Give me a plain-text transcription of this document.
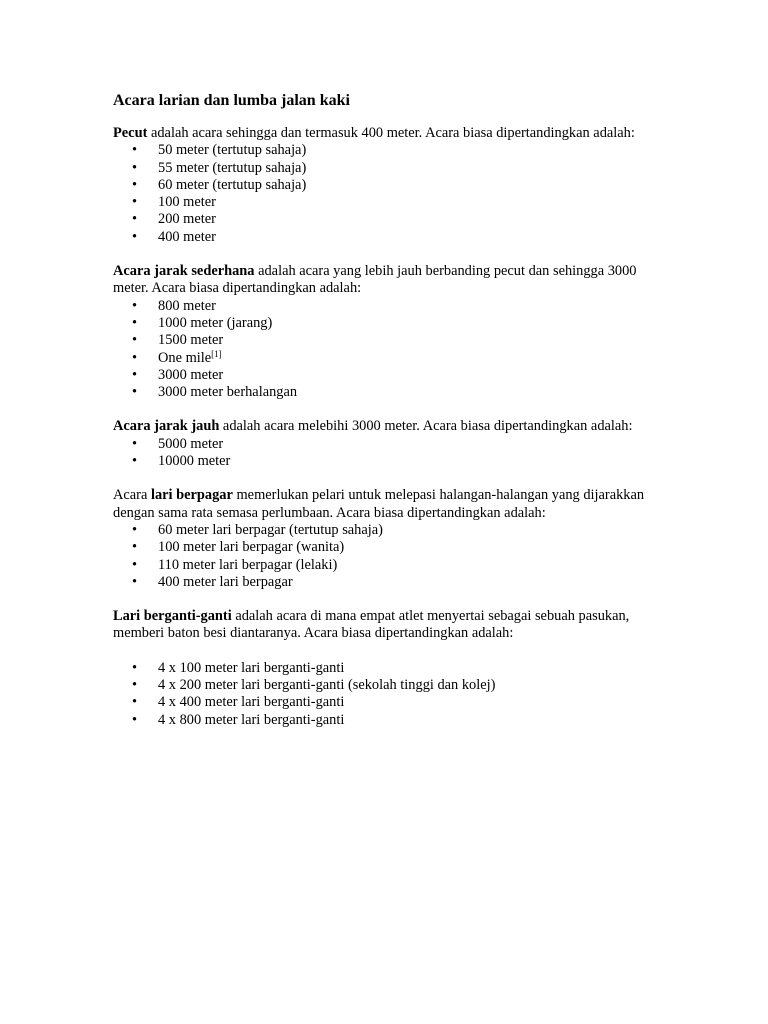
Acara larian dan lumba jalan kaki

Pecut adalah acara sehingga dan termasuk 400 meter. Acara biasa dipertandingkan adalah:

• 50 meter (tertutup sahaja)
• 55 meter (tertutup sahaja)
• 60 meter (tertutup sahaja)
• 100 meter
• 200 meter
• 400 meter

Acara jarak sederhana adalah acara yang lebih jauh berbanding pecut dan sehingga 3000 meter. Acara biasa dipertandingkan adalah:

• 800 meter
• 1000 meter (jarang)
• 1500 meter
• One mile[1]
• 3000 meter
• 3000 meter berhalangan

Acara jarak jauh adalah acara melebihi 3000 meter. Acara biasa dipertandingkan adalah:

• 5000 meter
• 10000 meter

Acara lari berpagar memerlukan pelari untuk melepasi halangan-halangan yang dijarakkan dengan sama rata semasa perlumbaan. Acara biasa dipertandingkan adalah:

• 60 meter lari berpagar (tertutup sahaja)
• 100 meter lari berpagar (wanita)
• 110 meter lari berpagar (lelaki)
• 400 meter lari berpagar

Lari berganti-ganti adalah acara di mana empat atlet menyertai sebagai sebuah pasukan, memberi baton besi diantaranya. Acara biasa dipertandingkan adalah:

• 4 x 100 meter lari berganti-ganti
• 4 x 200 meter lari berganti-ganti (sekolah tinggi dan kolej)
• 4 x 400 meter lari berganti-ganti
• 4 x 800 meter lari berganti-ganti
